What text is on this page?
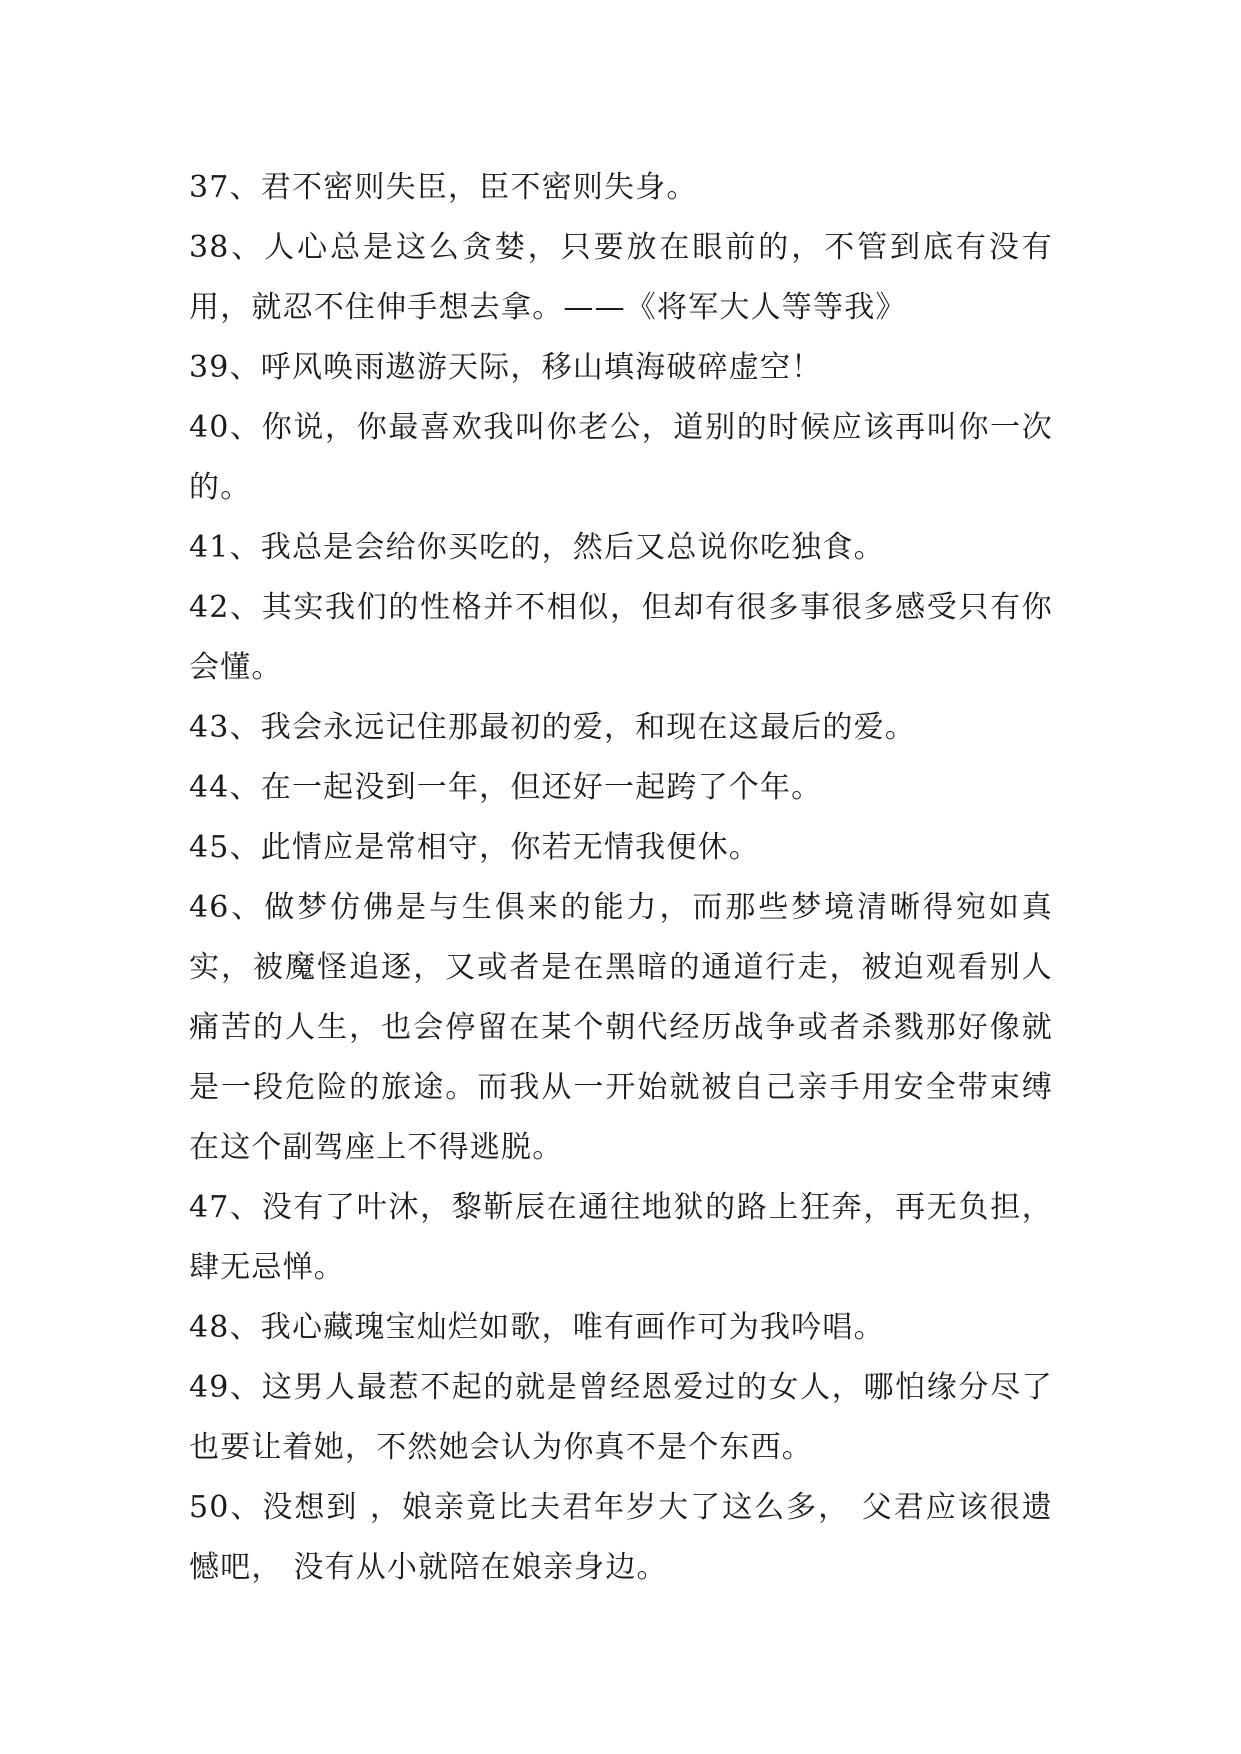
37、君不密则失臣，臣不密则失身。

38、人心总是这么贪婪，只要放在眼前的，不管到底有没有用，就忍不住伸手想去拿。——《将军大人等等我》

39、呼风唤雨遨游天际，移山填海破碎虚空！

40、你说，你最喜欢我叫你老公，道别的时候应该再叫你一次的。

41、我总是会给你买吃的，然后又总说你吃独食。

42、其实我们的性格并不相似，但却有很多事很多感受只有你会懂。

43、我会永远记住那最初的爱，和现在这最后的爱。

44、在一起没到一年，但还好一起跨了个年。

45、此情应是常相守，你若无情我便休。

46、做梦仿佛是与生俱来的能力，而那些梦境清晰得宛如真实，被魔怪追逐，又或者是在黑暗的通道行走，被迫观看别人痛苦的人生，也会停留在某个朝代经历战争或者杀戮那好像就是一段危险的旅途。而我从一开始就被自己亲手用安全带束缚在这个副驾座上不得逃脱。

47、没有了叶沐，黎靳辰在通往地狱的路上狂奔，再无负担，肆无忌惮。

48、我心藏瑰宝灿烂如歌，唯有画作可为我吟唱。

49、这男人最惹不起的就是曾经恩爱过的女人，哪怕缘分尽了也要让着她，不然她会认为你真不是个东西。

50、没想到 ，娘亲竟比夫君年岁大了这么多， 父君应该很遗憾吧， 没有从小就陪在娘亲身边。
